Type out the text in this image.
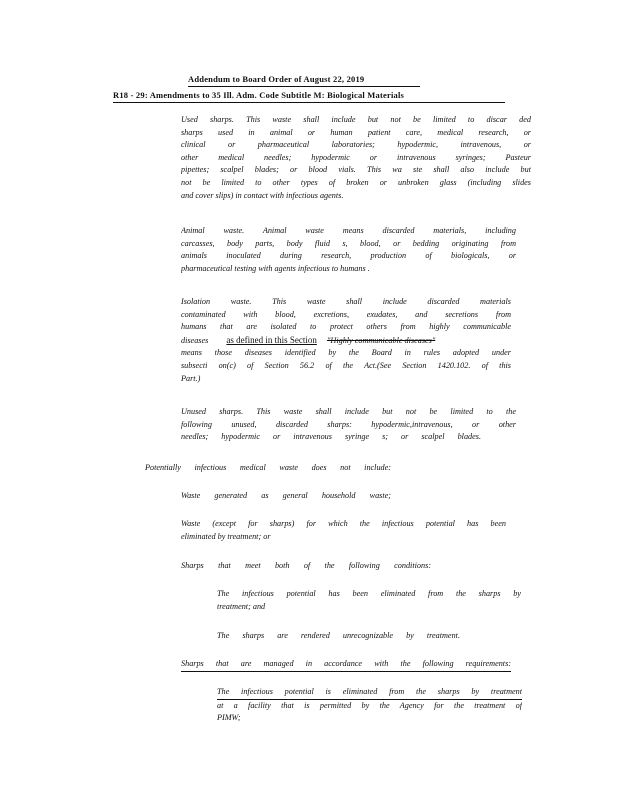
Addendum to Board Order of August 22, 2019
R18 - 29: Amendments to 35 Ill. Adm. Code Subtitle M: Biological Materials
Used sharps. This waste shall include but not be limited to discar ded
sharps used in animal or human patient care, medical research, or
clinical or pharmaceutical laboratories; hypodermic, intravenous, or
other medical needles; hypodermic or intravenous syringes; Pasteur
pipettes; scalpel blades; or blood vials. This wa ste shall also include but
not be limited to other types of broken or unbroken glass (including slides
and cover slips) in contact with infectious agents.
Animal waste. Animal waste means discarded materials, including
carcasses, body parts, body fluid s, blood, or bedding originating from
animals inoculated during research, production of biologicals, or
pharmaceutical testing with agents infectious to humans .
Isolation waste. This waste shall include discarded materials
contaminated with blood, excretions, exudates, and secretions from
humans that are isolated to protect others from highly communicable
diseases as defined in this Section "Highly communicable diseases"
means those diseases identified by the Board in rules adopted under
subsecti on(c) of Section 56.2 of the Act.(See Section 1420.102. of this
Part.)
Unused sharps. This waste shall include but not be limited to the
following unused, discarded sharps: hypodermic,intravenous, or other
needles; hypodermic or intravenous syringe s; or scalpel blades.
Potentially infectious medical waste does not include:
Waste generated as general household waste;
Waste (except for sharps) for which the infectious potential has been
eliminated by treatment; or
Sharps that meet both of the following conditions:
The infectious potential has been eliminated from the sharps by
treatment; and
The sharps are rendered unrecognizable by treatment.
Sharps that are managed in accordance with the following requirements:
The infectious potential is eliminated from the sharps by treatment
at a facility that is permitted by the Agency for the treatment of
PIMW;
